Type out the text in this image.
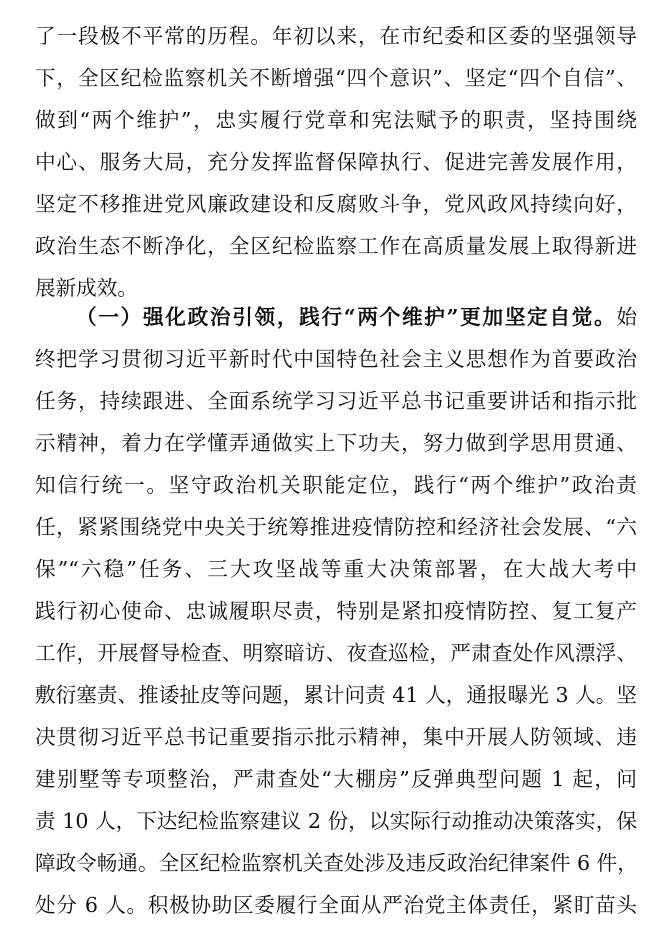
了一段极不平常的历程。年初以来，在市纪委和区委的坚强领导
下，全区纪检监察机关不断增强“四个意识”、坚定“四个自信”、
做到“两个维护”，忠实履行党章和宪法赋予的职责，坚持围绕
中心、服务大局，充分发挥监督保障执行、促进完善发展作用，
坚定不移推进党风廉政建设和反腐败斗争，党风政风持续向好，
政治生态不断净化，全区纪检监察工作在高质量发展上取得新进
展新成效。
（一）强化政治引领，践行“两个维护”更加坚定自觉。始
终把学习贯彻习近平新时代中国特色社会主义思想作为首要政治
任务，持续跟进、全面系统学习习近平总书记重要讲话和指示批
示精神，着力在学懂弄通做实上下功夫，努力做到学思用贯通、
知信行统一。坚守政治机关职能定位，践行“两个维护”政治责
任，紧紧围绕党中央关于统筹推进疫情防控和经济社会发展、“六
保”“六稳”任务、三大攻坚战等重大决策部署，在大战大考中
践行初心使命、忠诚履职尽责，特别是紧扣疫情防控、复工复产
工作，开展督导检查、明察暗访、夜查巡检，严肃查处作风漂浮、
敷衍塞责、推诿扯皮等问题，累计问责 41 人，通报曝光 3 人。坚
决贯彻习近平总书记重要指示批示精神，集中开展人防领域、违
建别墅等专项整治，严肃查处“大棚房”反弹典型问题 1 起，问
责 10 人，下达纪检监察建议 2 份，以实际行动推动决策落实，保
障政令畅通。全区纪检监察机关查处涉及违反政治纪律案件 6 件，
处分 6 人。积极协助区委履行全面从严治党主体责任，紧盯苗头
